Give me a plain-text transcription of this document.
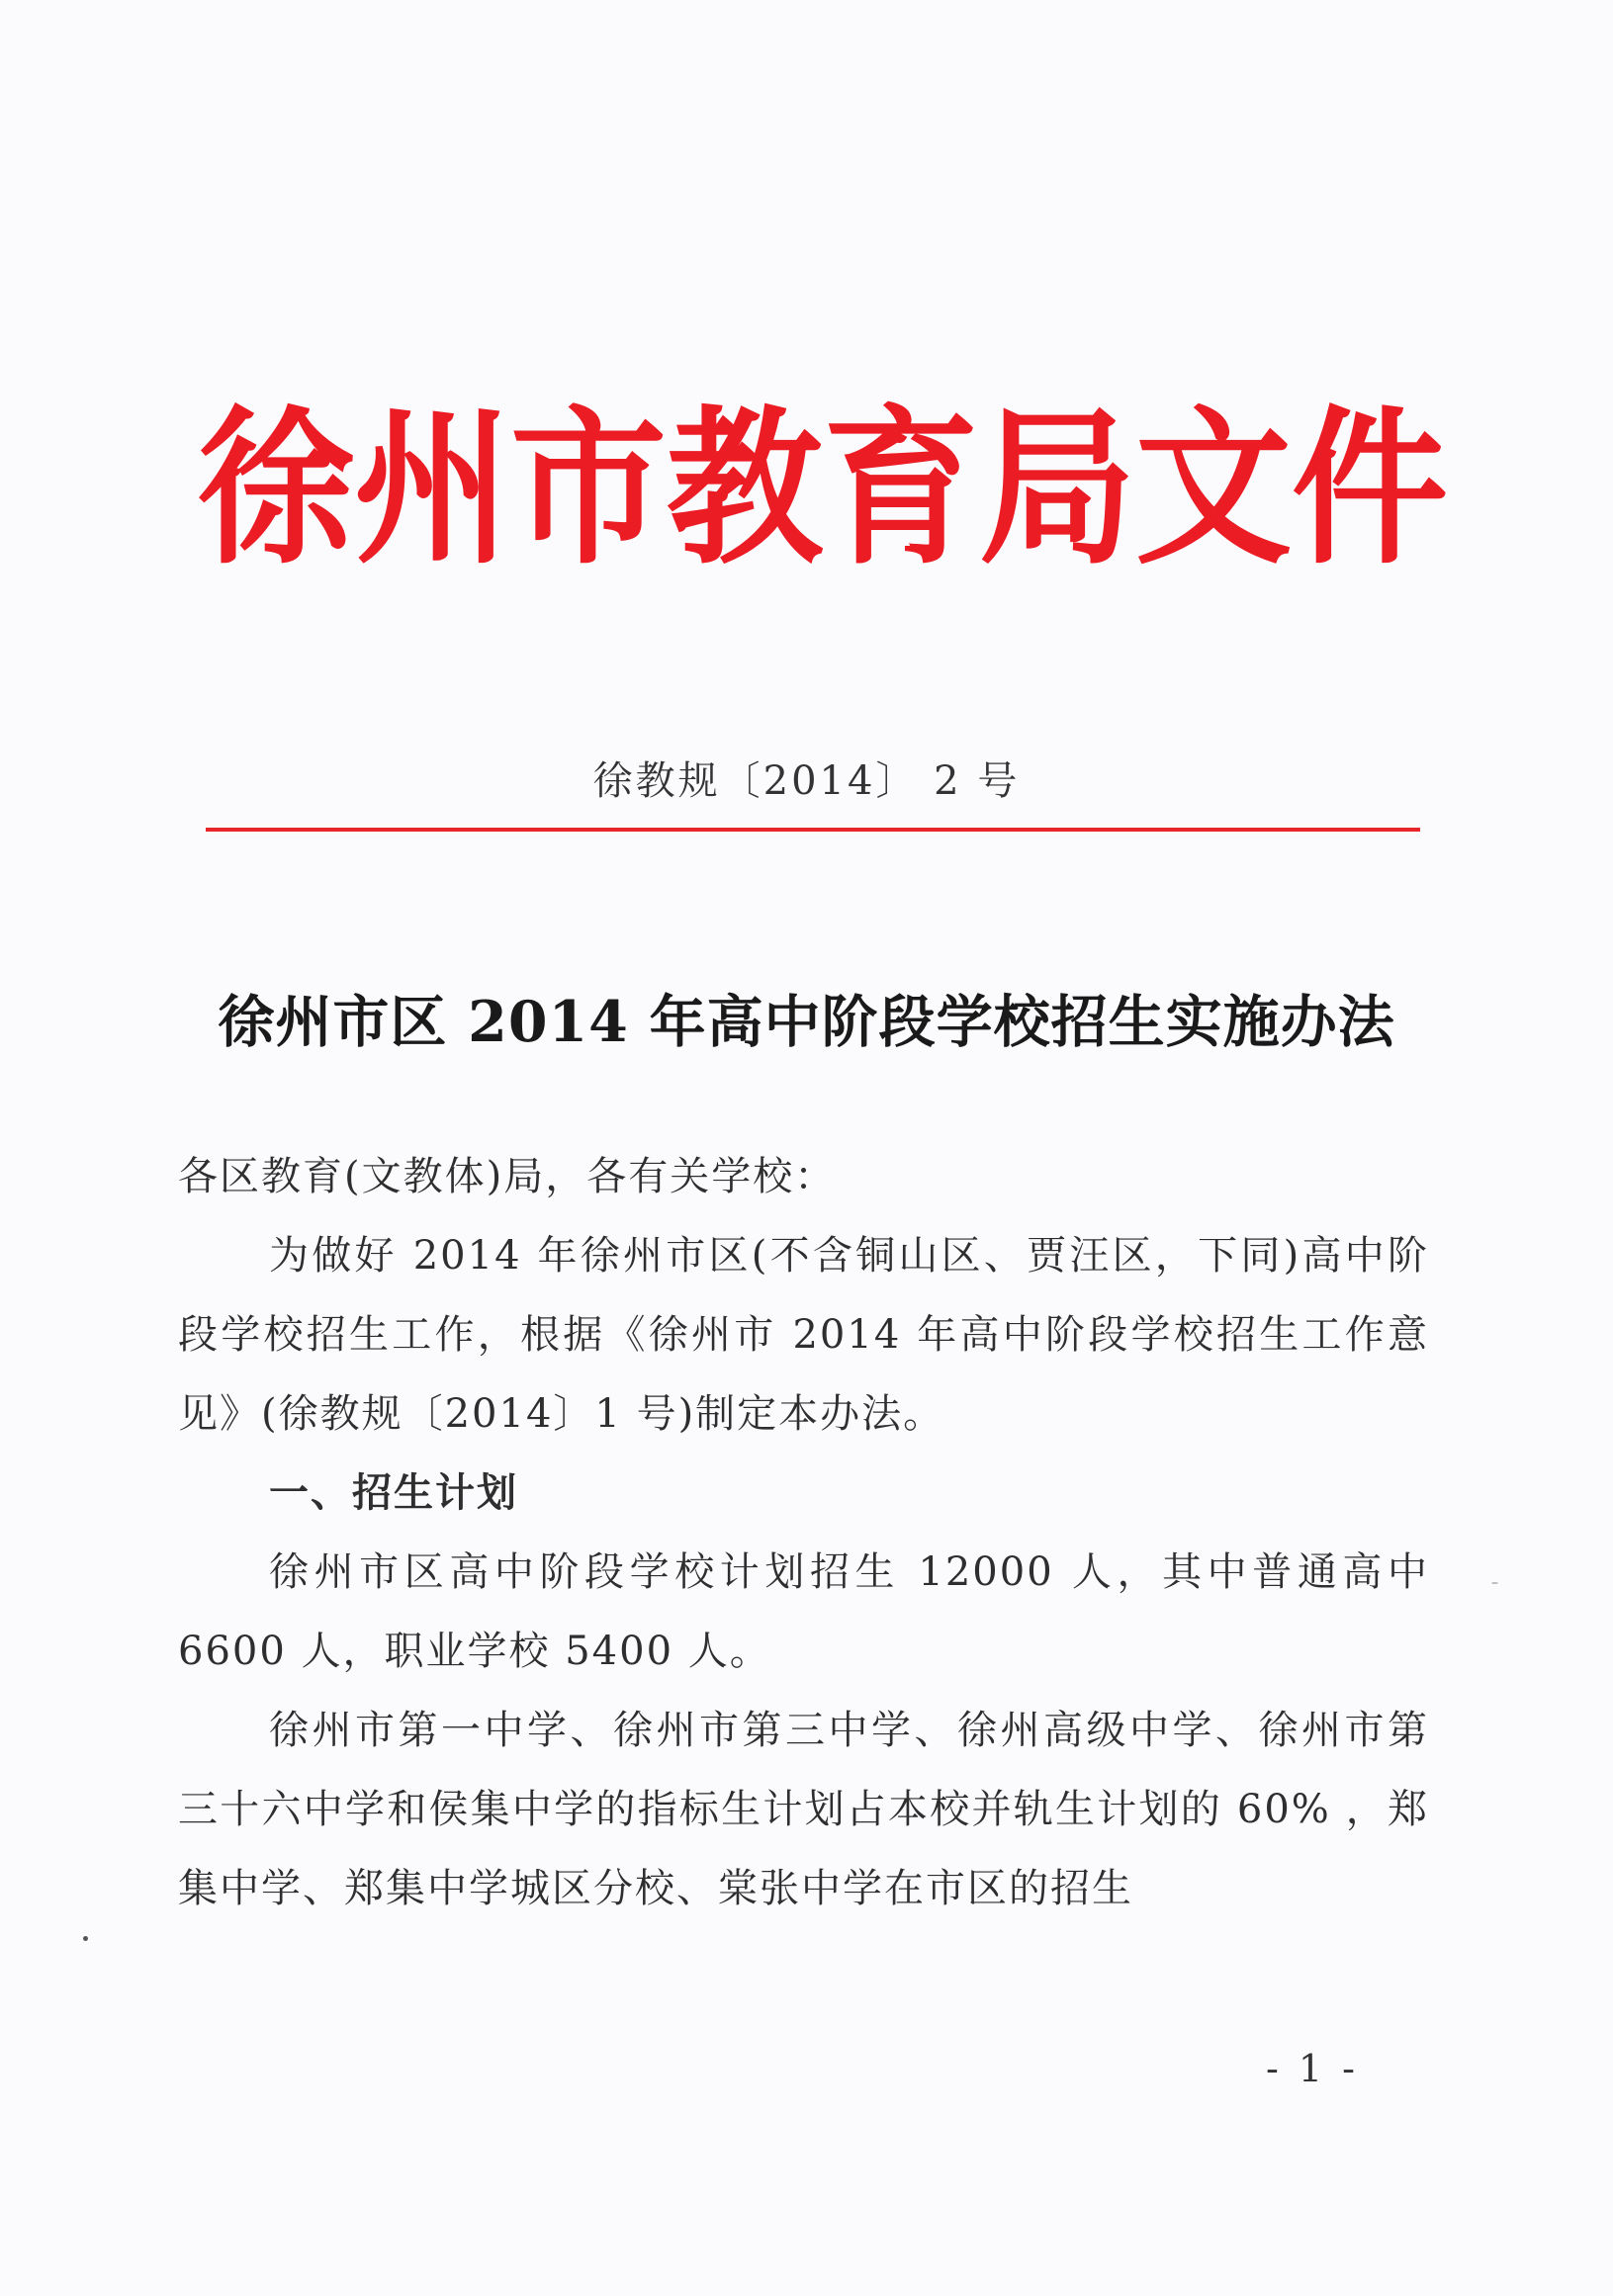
徐 州 市 教 育 局 文 件
徐教规〔2014〕 2 号
徐州市区 2014 年高中阶段学校招生实施办法

各区教育(文教体)局，各有关学校：

为做好 2014 年徐州市区(不含铜山区、贾汪区，下同)高中阶段学校招生工作，根据《徐州市 2014 年高中阶段学校招生工作意见》(徐教规〔2014〕1 号)制定本办法。

一、招生计划

徐州市区高中阶段学校计划招生 12000 人，其中普通高中 6600 人，职业学校 5400 人。

徐州市第一中学、徐州市第三中学、徐州高级中学、徐州市第三十六中学和侯集中学的指标生计划占本校并轨生计划的 60% ，郑集中学、郑集中学城区分校、棠张中学在市区的招生

- 1 -
